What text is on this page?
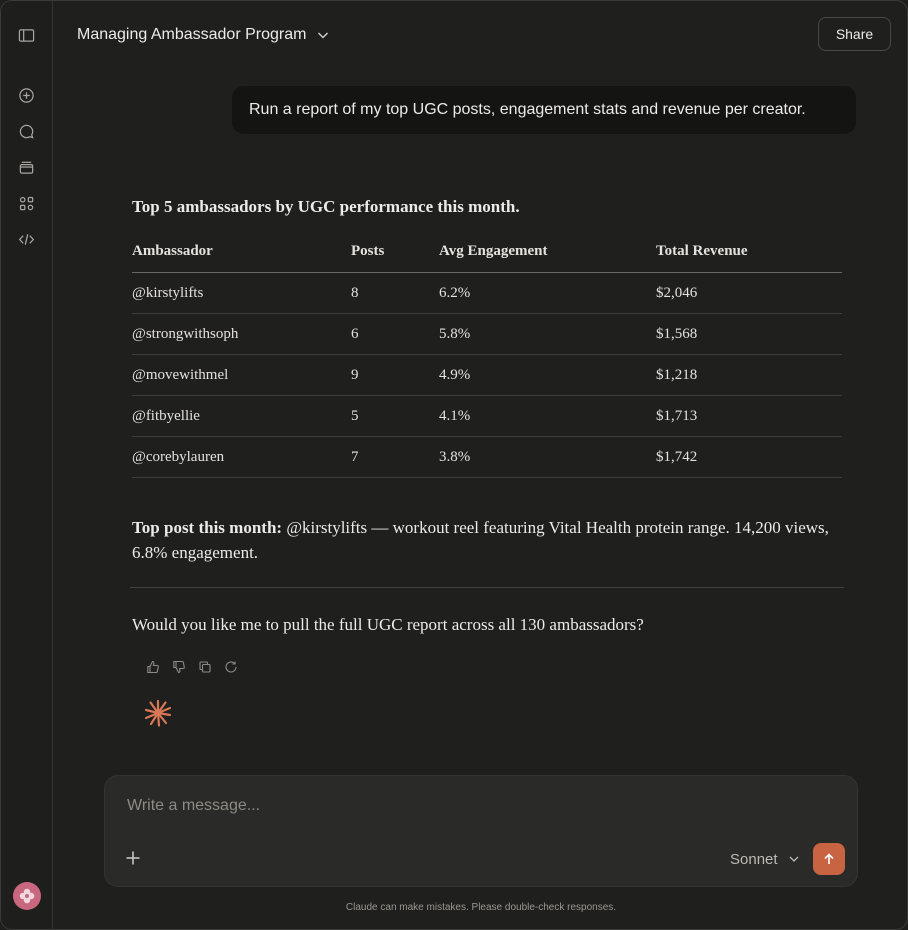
Managing Ambassador Program	Share
Run a report of my top UGC posts, engagement stats and revenue per creator.
Top 5 ambassadors by UGC performance this month.
Ambassador	Posts	Avg Engagement	Total Revenue
@kirstylifts	8	6.2%	$2,046
@strongwithsoph	6	5.8%	$1,568
@movewithmel	9	4.9%	$1,218
@fitbyellie	5	4.1%	$1,713
@corebylauren	7	3.8%	$1,742
Top post this month: @kirstylifts — workout reel featuring Vital Health protein range. 14,200 views, 6.8% engagement.
Would you like me to pull the full UGC report across all 130 ambassadors?
Write a message...
Sonnet
Claude can make mistakes. Please double-check responses.
